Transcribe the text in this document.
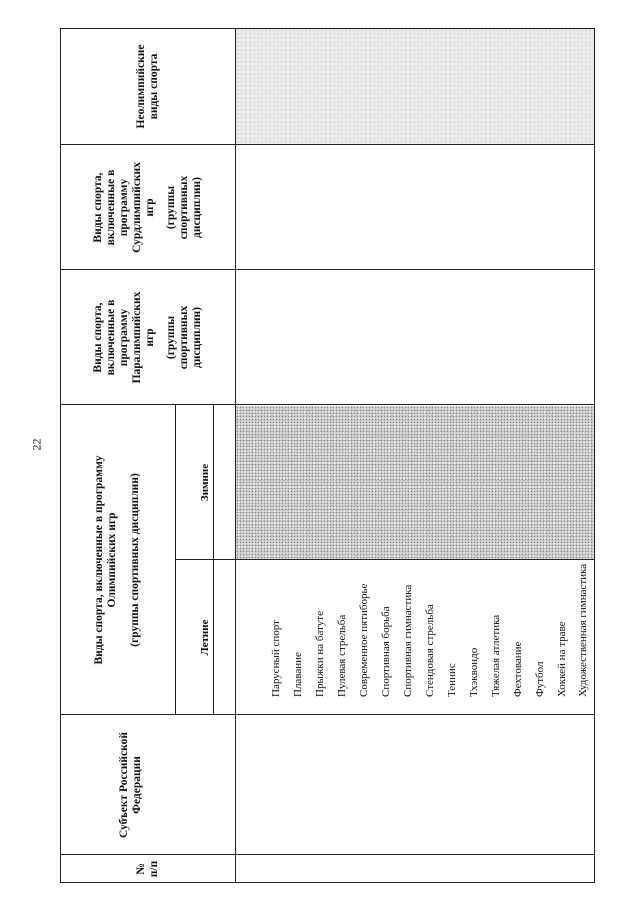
22
№ п/п
Субъект Российской Федерации
Виды спорта, включенные в программу Олимпийских игр (группы спортивных дисциплин)	Летние
Зимние
Виды спорта, включенные в программу Паралимпийских игр (группы спортивных дисциплин)
Виды спорта, включенные в программу Сурдлимпийских игр (группы спортивных дисциплин)
Неолимпийские виды спорта
Парусный спорт Плавание Прыжки на батуте Пулевая стрельба Современное пятиборье Спортивная борьба Спортивная гимнастика Стендовая стрельба Теннис Тхэквондо Тяжелая атлетика Фехтование Футбол Хоккей на траве Художественная гимнастика
